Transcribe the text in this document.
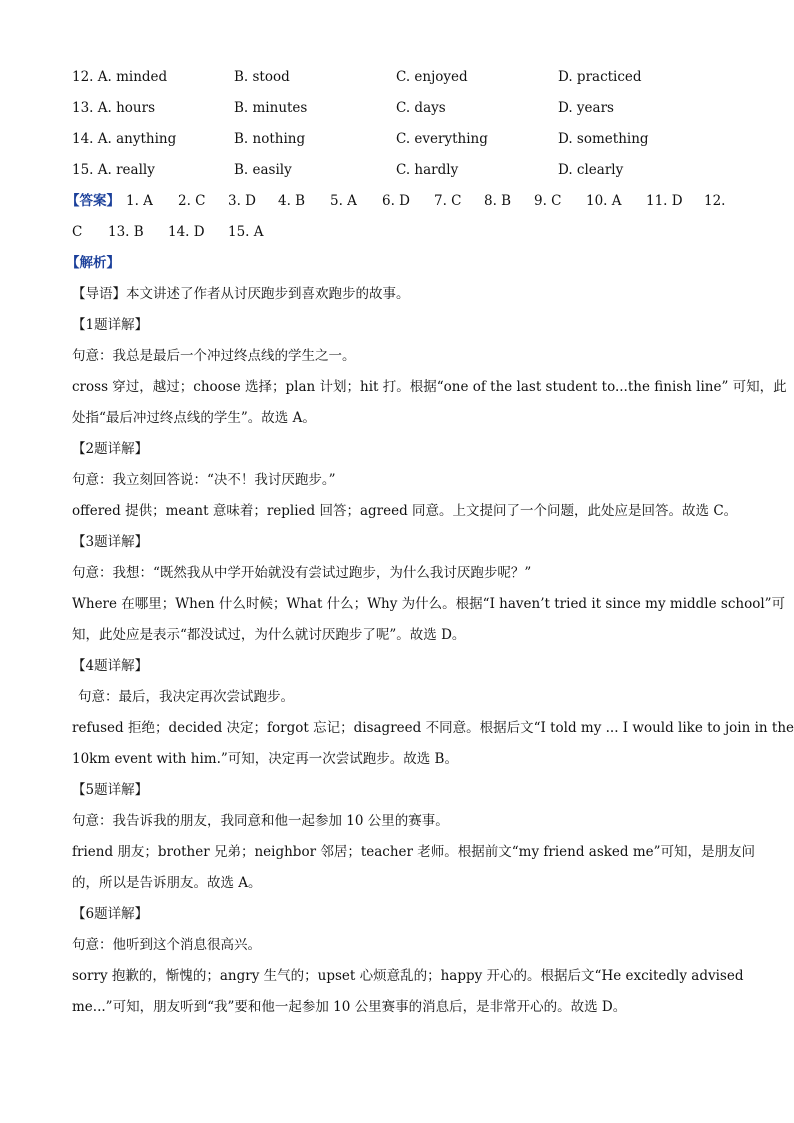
12. A. minded	B. stood	C. enjoyed	D. practiced
13. A. hours	B. minutes	C. days	D. years
14. A. anything	B. nothing	C. everything	D. something
15. A. really	B. easily	C. hardly	D. clearly
【答案】 1. A 2. C 3. D 4. B 5. A 6. D 7. C 8. B 9. C 10. A 11. D 12.
C 13. B 14. D 15. A
【解析】
【导语】本文讲述了作者从讨厌跑步到喜欢跑步的故事。
【1题详解】
句意：我总是最后一个冲过终点线的学生之一。
cross 穿过，越过；choose 选择；plan 计划；hit 打。根据“one of the last student to...the finish line” 可知，此
处指“最后冲过终点线的学生”。故选 A。
【2题详解】
句意：我立刻回答说：“决不！我讨厌跑步。”
offered 提供；meant 意味着；replied 回答；agreed 同意。上文提问了一个问题，此处应是回答。故选 C。
【3题详解】
句意：我想：“既然我从中学开始就没有尝试过跑步，为什么我讨厌跑步呢？”
Where 在哪里；When 什么时候；What 什么；Why 为什么。根据“I haven’t tried it since my middle school”可
知，此处应是表示“都没试过，为什么就讨厌跑步了呢”。故选 D。
【4题详解】
句意：最后，我决定再次尝试跑步。
refused 拒绝；decided 决定；forgot 忘记；disagreed 不同意。根据后文“I told my ... I would like to join in the
10km event with him.”可知，决定再一次尝试跑步。故选 B。
【5题详解】
句意：我告诉我的朋友，我同意和他一起参加 10 公里的赛事。
friend 朋友；brother 兄弟；neighbor 邻居；teacher 老师。根据前文“my friend asked me”可知，是朋友问
的，所以是告诉朋友。故选 A。
【6题详解】
句意：他听到这个消息很高兴。
sorry 抱歉的，惭愧的；angry 生气的；upset 心烦意乱的；happy 开心的。根据后文“He excitedly advised
me...”可知，朋友听到“我”要和他一起参加 10 公里赛事的消息后，是非常开心的。故选 D。
